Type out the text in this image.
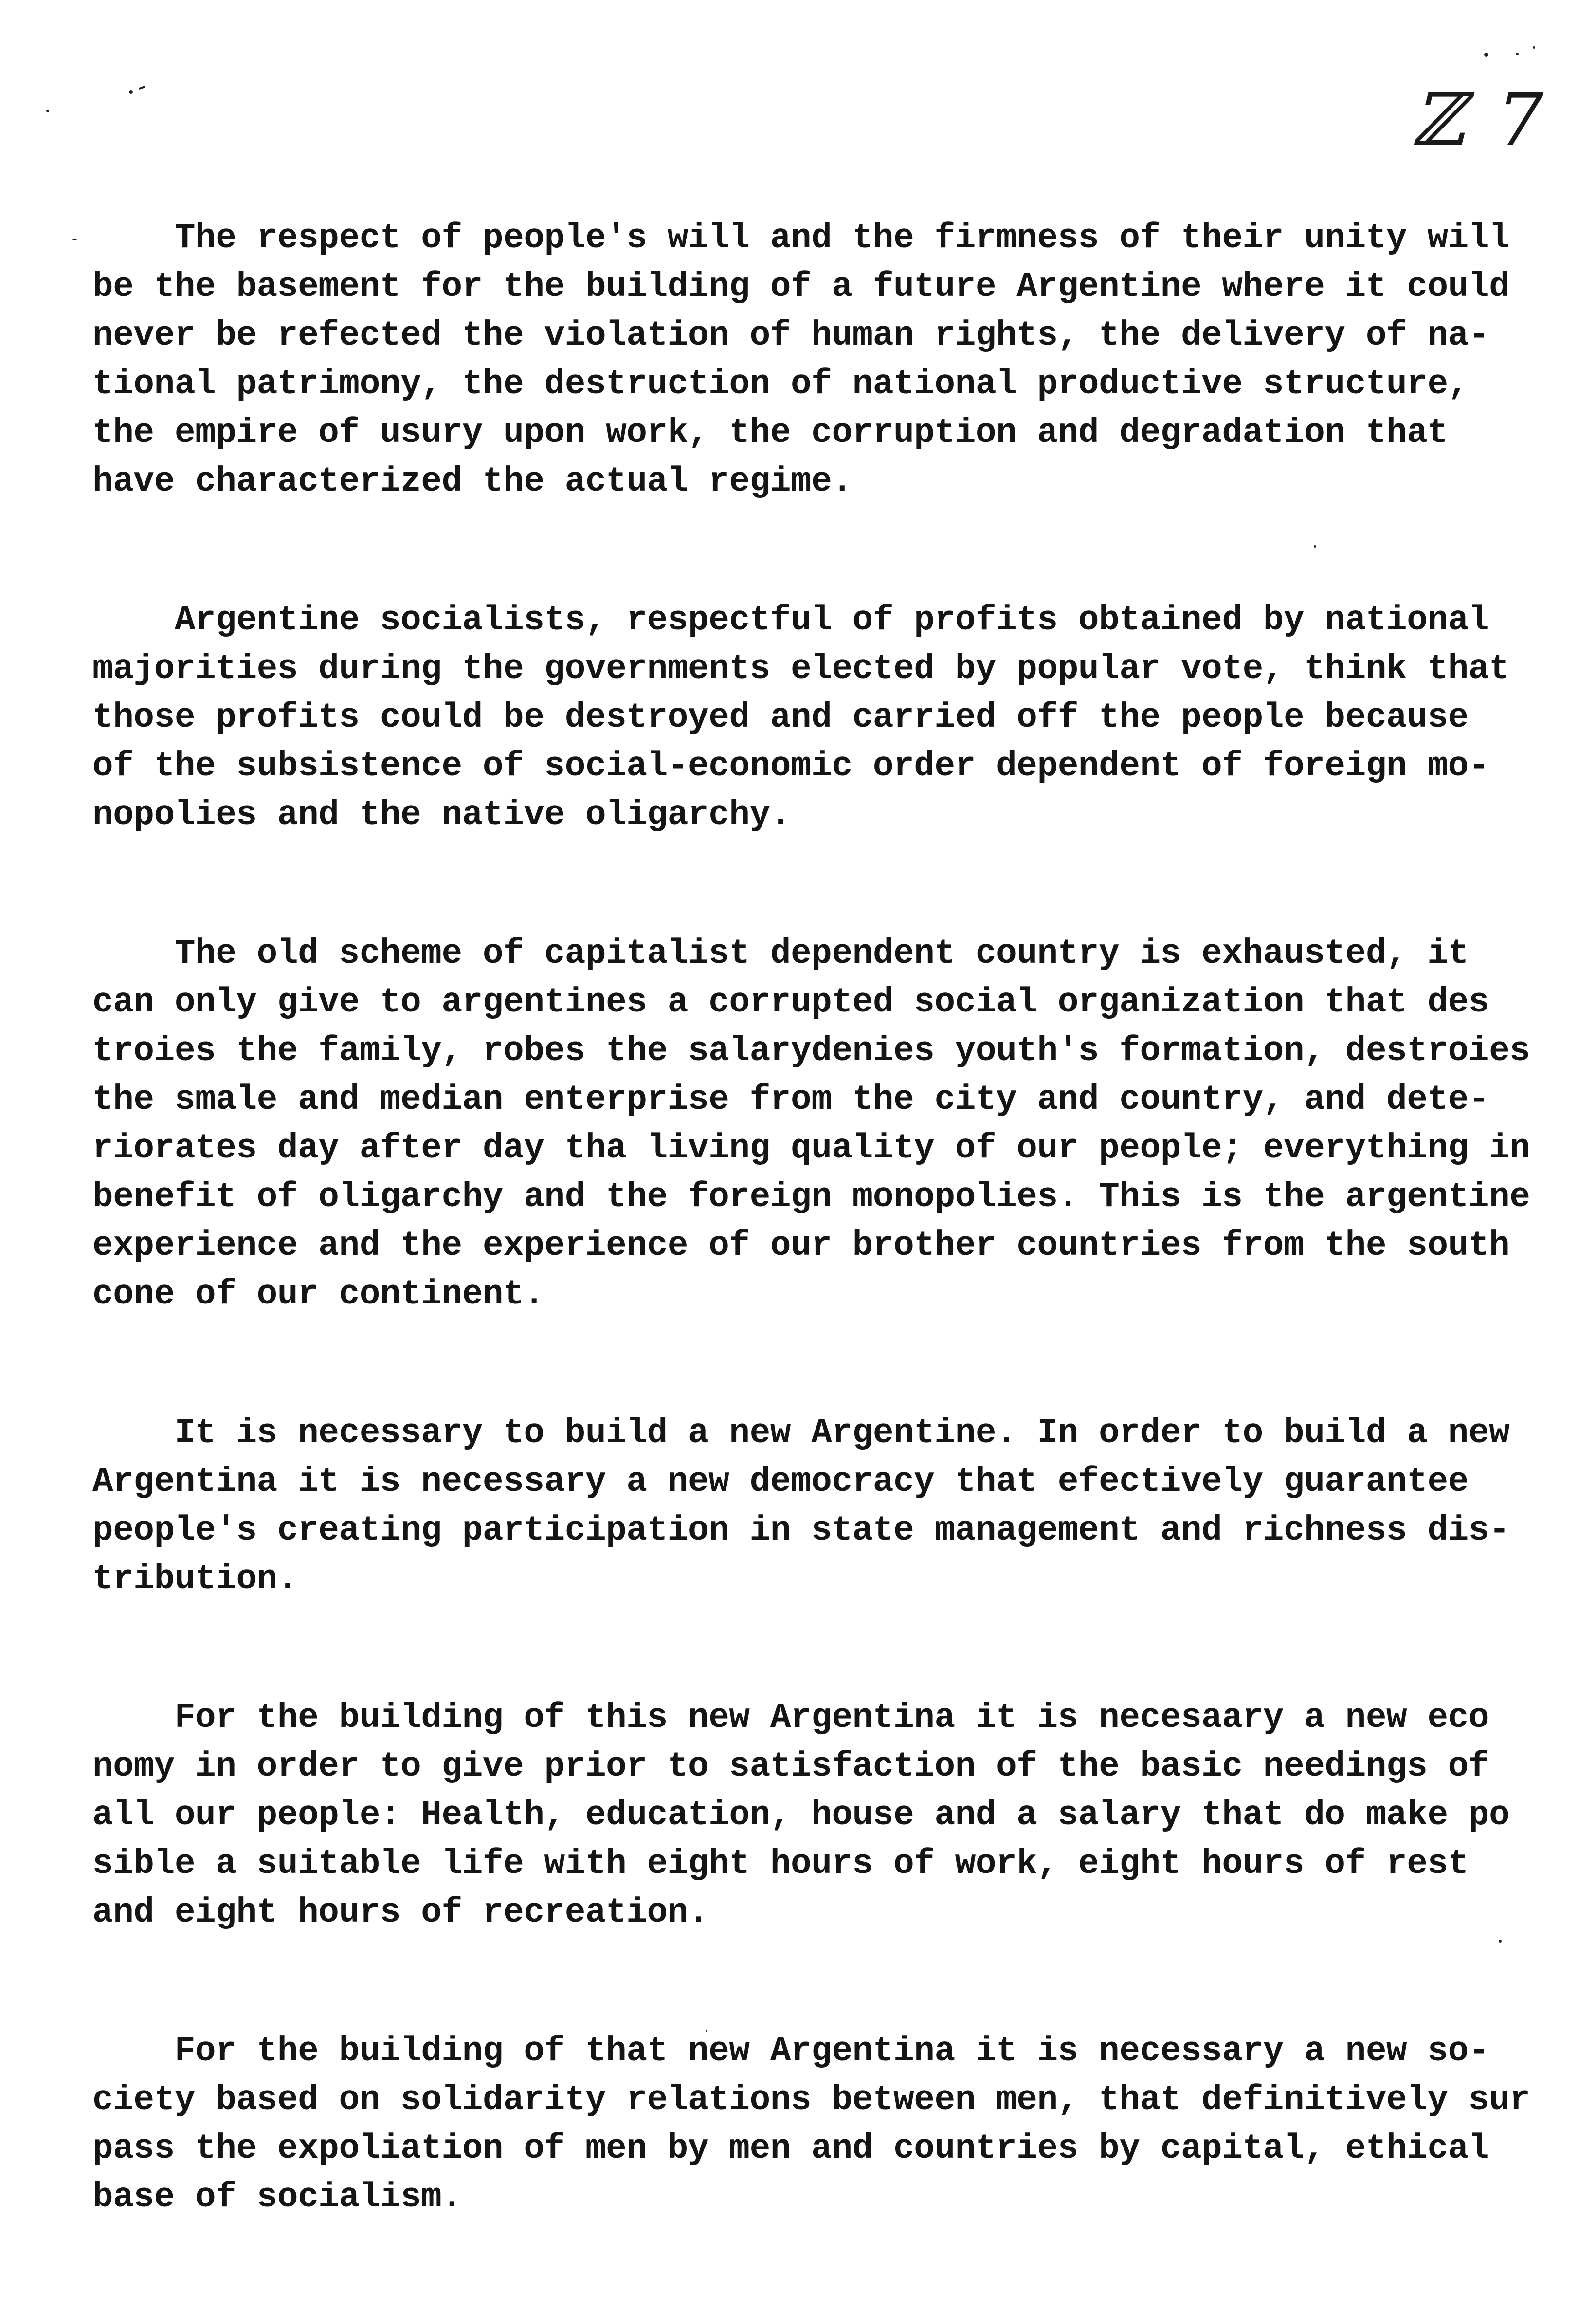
ℤ 7

The respect of people's will and the firmness of their unity will
be the basement for the building of a future Argentine where it could
never be refected the violation of human rights, the delivery of na-
tional patrimony, the destruction of national productive structure,
the empire of usury upon work, the corruption and degradation that
have characterized the actual regime.

Argentine socialists, respectful of profits obtained by national
majorities during the governments elected by popular vote, think that
those profits could be destroyed and carried off the people because
of the subsistence of social-economic order dependent of foreign mo-
nopolies and the native oligarchy.

The old scheme of capitalist dependent country is exhausted, it
can only give to argentines a corrupted social organization that des
troies the family, robes the salarydenies youth's formation, destroies
the smale and median enterprise from the city and country, and dete-
riorates day after day tha living quality of our people; everything in
benefit of oligarchy and the foreign monopolies. This is the argentine
experience and the experience of our brother countries from the south
cone of our continent.

It is necessary to build a new Argentine. In order to build a new
Argentina it is necessary a new democracy that efectively guarantee
people's creating participation in state management and richness dis-
tribution.

For the building of this new Argentina it is necesaary a new eco
nomy in order to give prior to satisfaction of the basic needings of
all our people: Health, education, house and a salary that do make po
sible a suitable life with eight hours of work, eight hours of rest
and eight hours of recreation.

For the building of that new Argentina it is necessary a new so-
ciety based on solidarity relations between men, that definitively sur
pass the expoliation of men by men and countries by capital, ethical
base of socialism.
